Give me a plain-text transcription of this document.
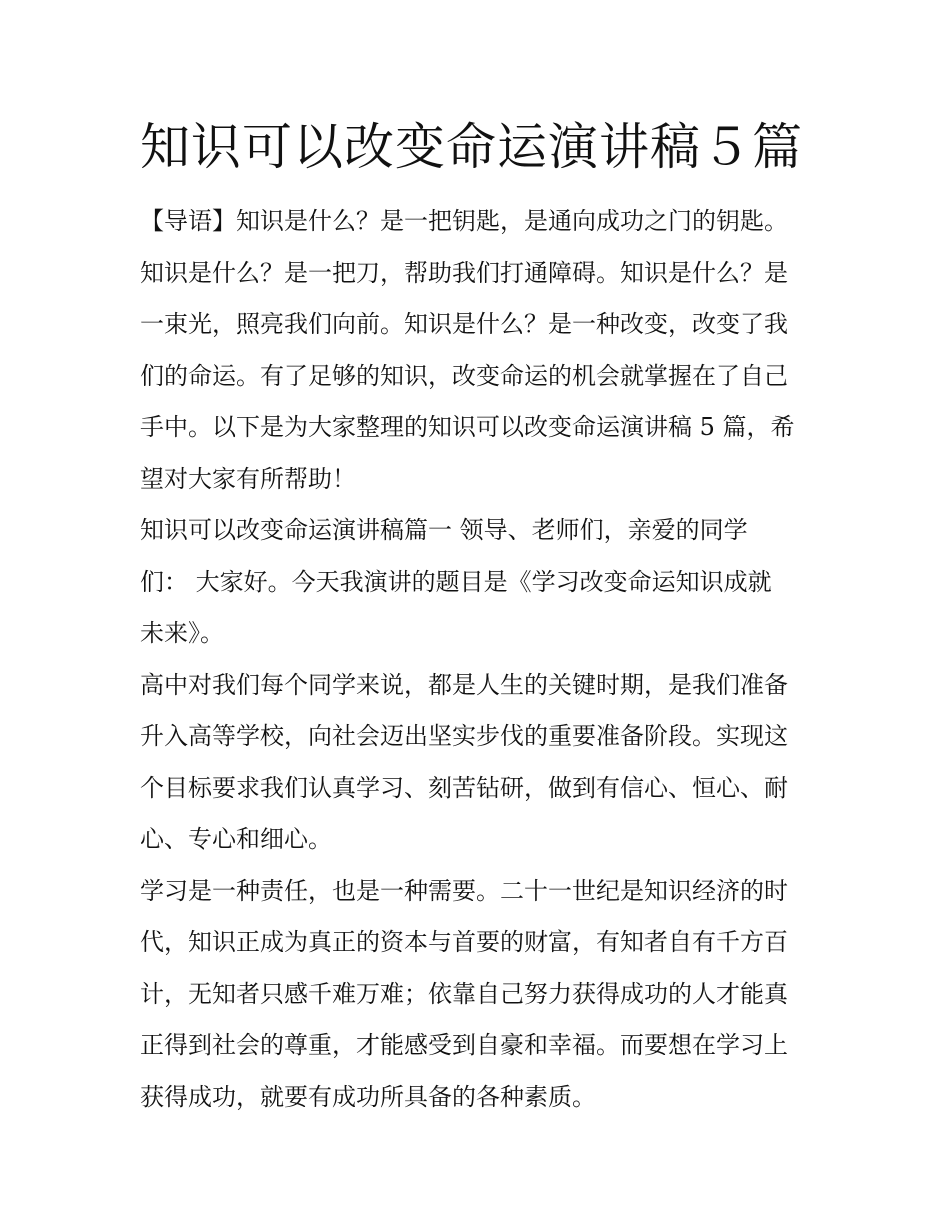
知识可以改变命运演讲稿５篇
【导语】知识是什么？是一把钥匙，是通向成功之门的钥匙。
知识是什么？是一把刀，帮助我们打通障碍。知识是什么？是
一束光，照亮我们向前。知识是什么？是一种改变，改变了我
们的命运。有了足够的知识，改变命运的机会就掌握在了自己
手中。以下是为大家整理的知识可以改变命运演讲稿 5 篇，希
望对大家有所帮助！
知识可以改变命运演讲稿篇一 领导、老师们，亲爱的同学
们： 大家好。今天我演讲的题目是《学习改变命运知识成就
未来》。
高中对我们每个同学来说，都是人生的关键时期，是我们准备
升入高等学校，向社会迈出坚实步伐的重要准备阶段。实现这
个目标要求我们认真学习、刻苦钻研，做到有信心、恒心、耐
心、专心和细心。
学习是一种责任，也是一种需要。二十一世纪是知识经济的时
代，知识正成为真正的资本与首要的财富，有知者自有千方百
计，无知者只感千难万难；依靠自己努力获得成功的人才能真
正得到社会的尊重，才能感受到自豪和幸福。而要想在学习上
获得成功，就要有成功所具备的各种素质。
